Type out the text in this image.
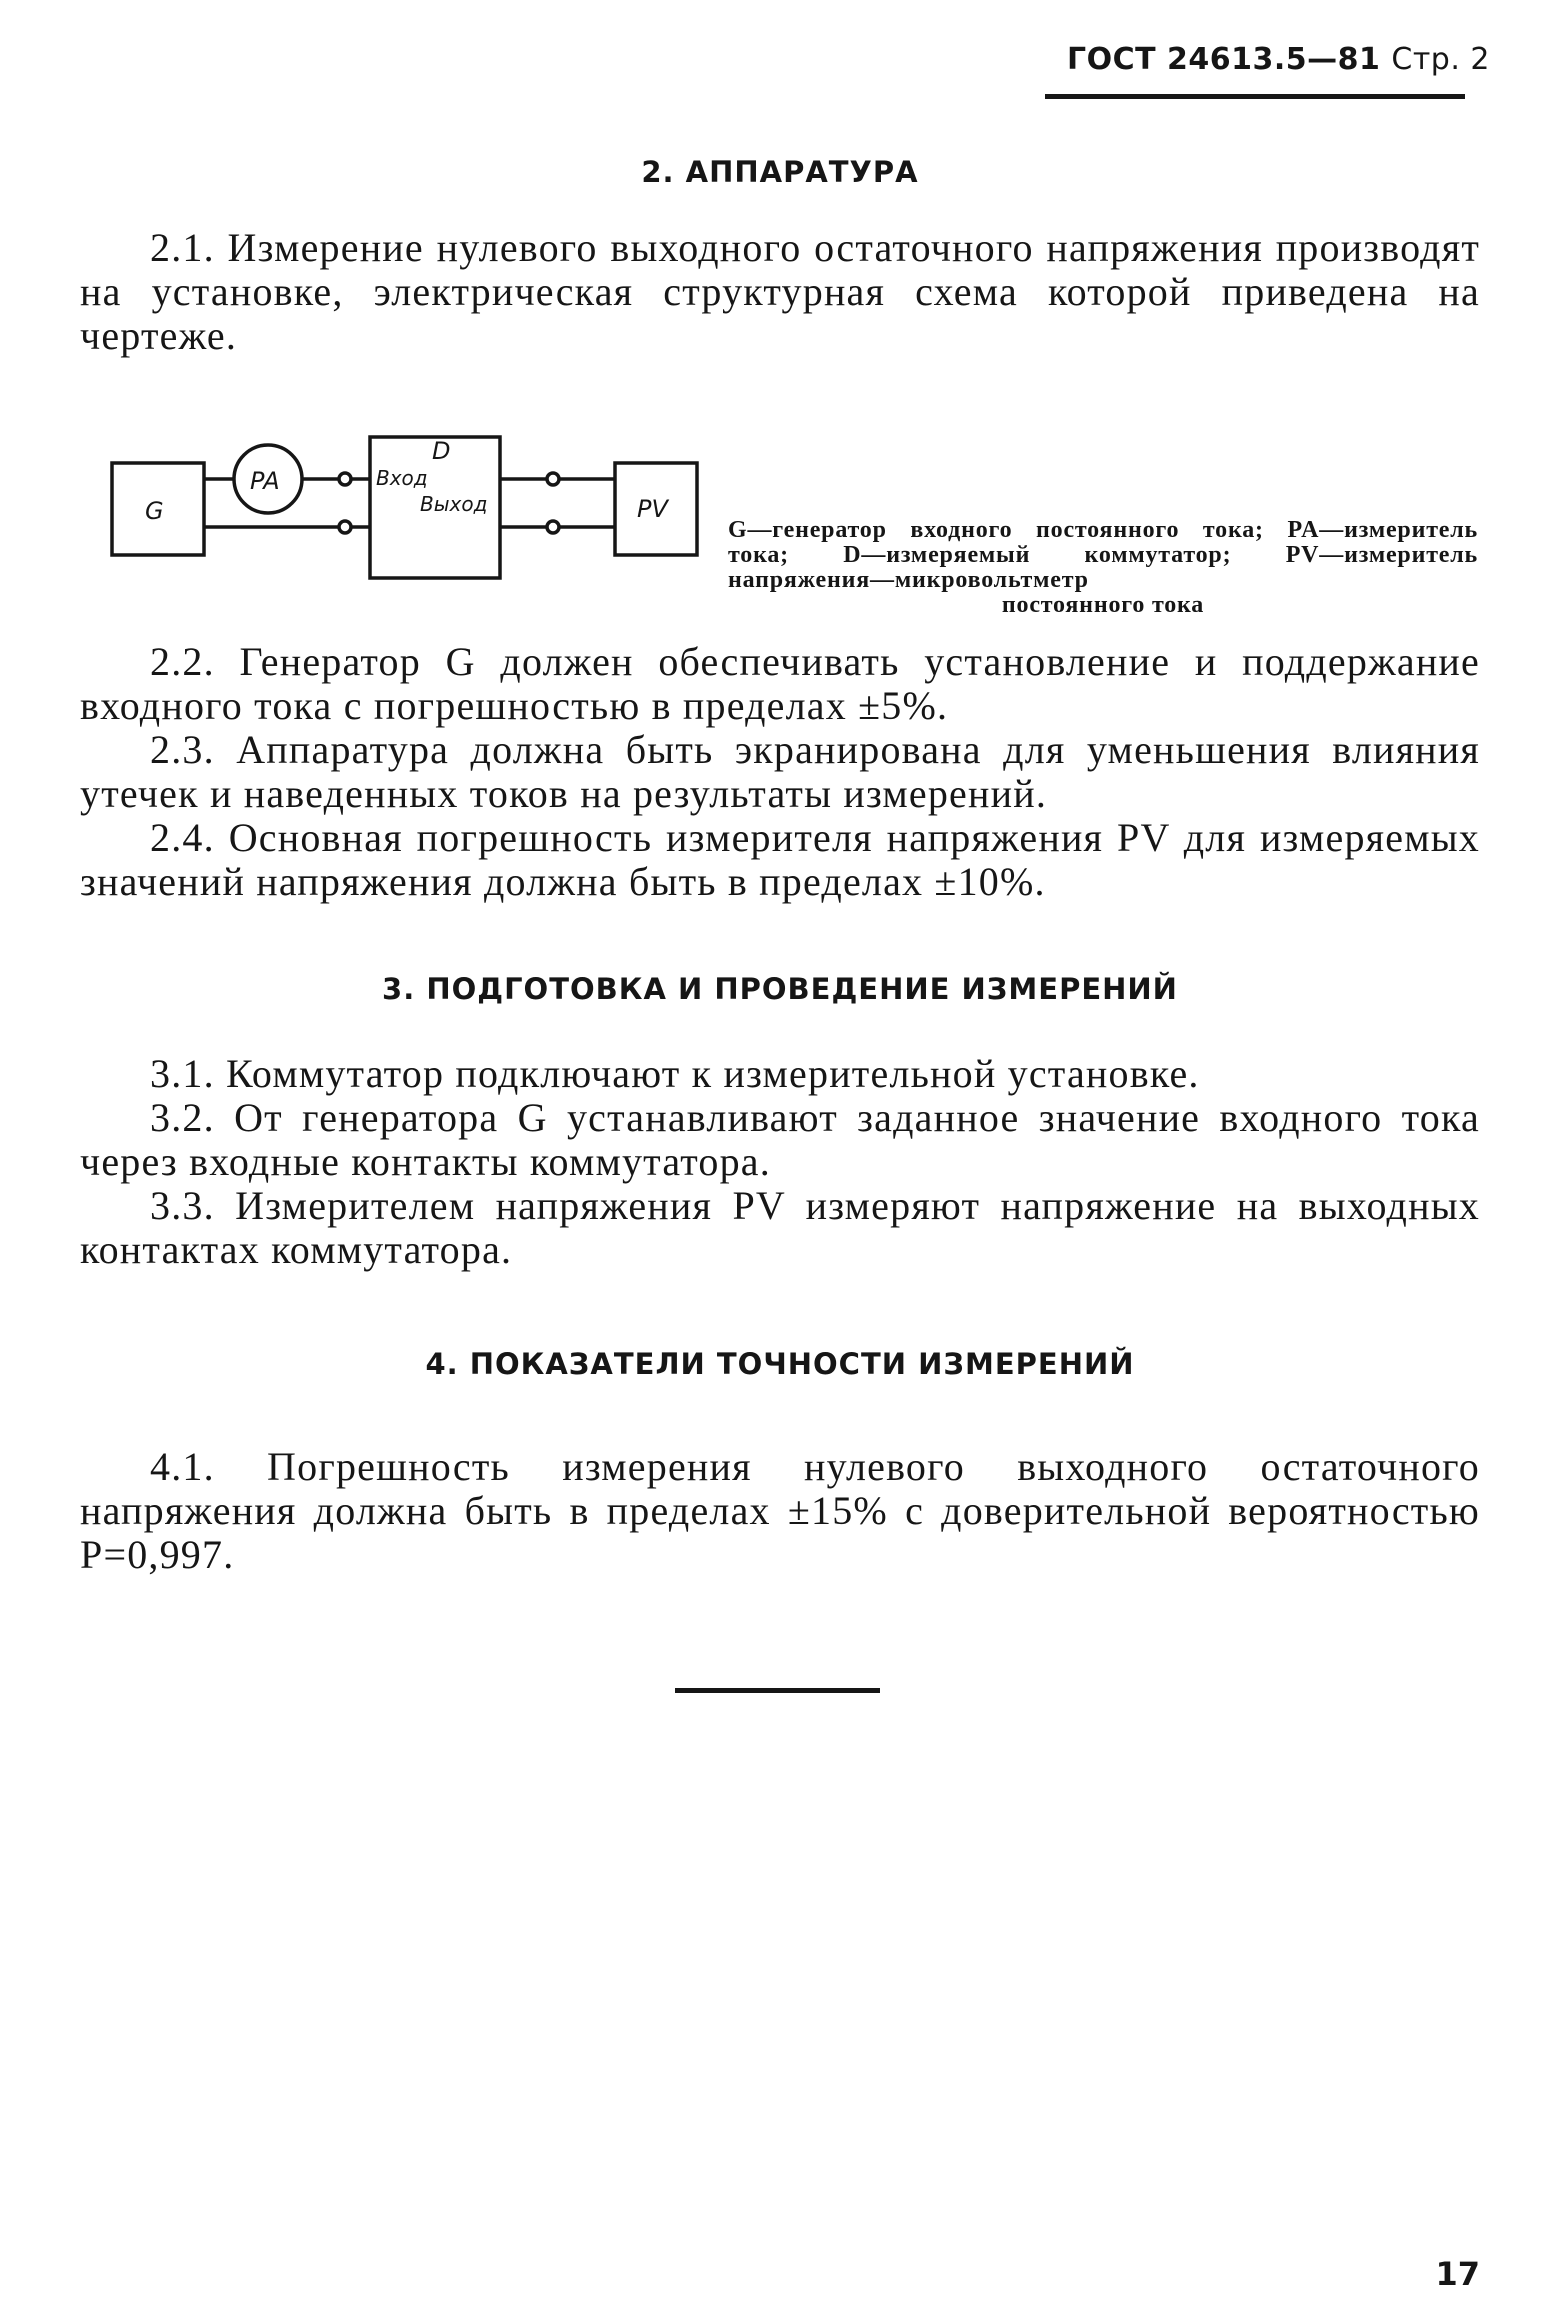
ГОСТ 24613.5—81 Стр. 2
2. АППАРАТУРА

2.1. Измерение нулевого выходного остаточного напряжения производят на установке, электрическая структурная схема которой приведена на чертеже.

G
PA
D
Вход
Выход	PV
G—генератор входного постоянного тока; PA—измеритель тока; D—измеряемый коммутатор; PV—измеритель напряжения—микровольтметр
постоянного тока

2.2. Генератор G должен обеспечивать установление и поддержание входного тока с погрешностью в пределах ±5%.

2.3. Аппаратура должна быть экранирована для уменьшения влияния утечек и наведенных токов на результаты измерений.

2.4. Основная погрешность измерителя напряжения PV для измеряемых значений напряжения должна быть в пределах ±10%.

3. ПОДГОТОВКА И ПРОВЕДЕНИЕ ИЗМЕРЕНИЙ

3.1. Коммутатор подключают к измерительной установке.

3.2. От генератора G устанавливают заданное значение входного тока через входные контакты коммутатора.

3.3. Измерителем напряжения PV измеряют напряжение на выходных контактах коммутатора.

4. ПОКАЗАТЕЛИ ТОЧНОСТИ ИЗМЕРЕНИЙ

4.1. Погрешность измерения нулевого выходного остаточного напряжения должна быть в пределах ±15% с доверительной вероятностью P=0,997.

17
